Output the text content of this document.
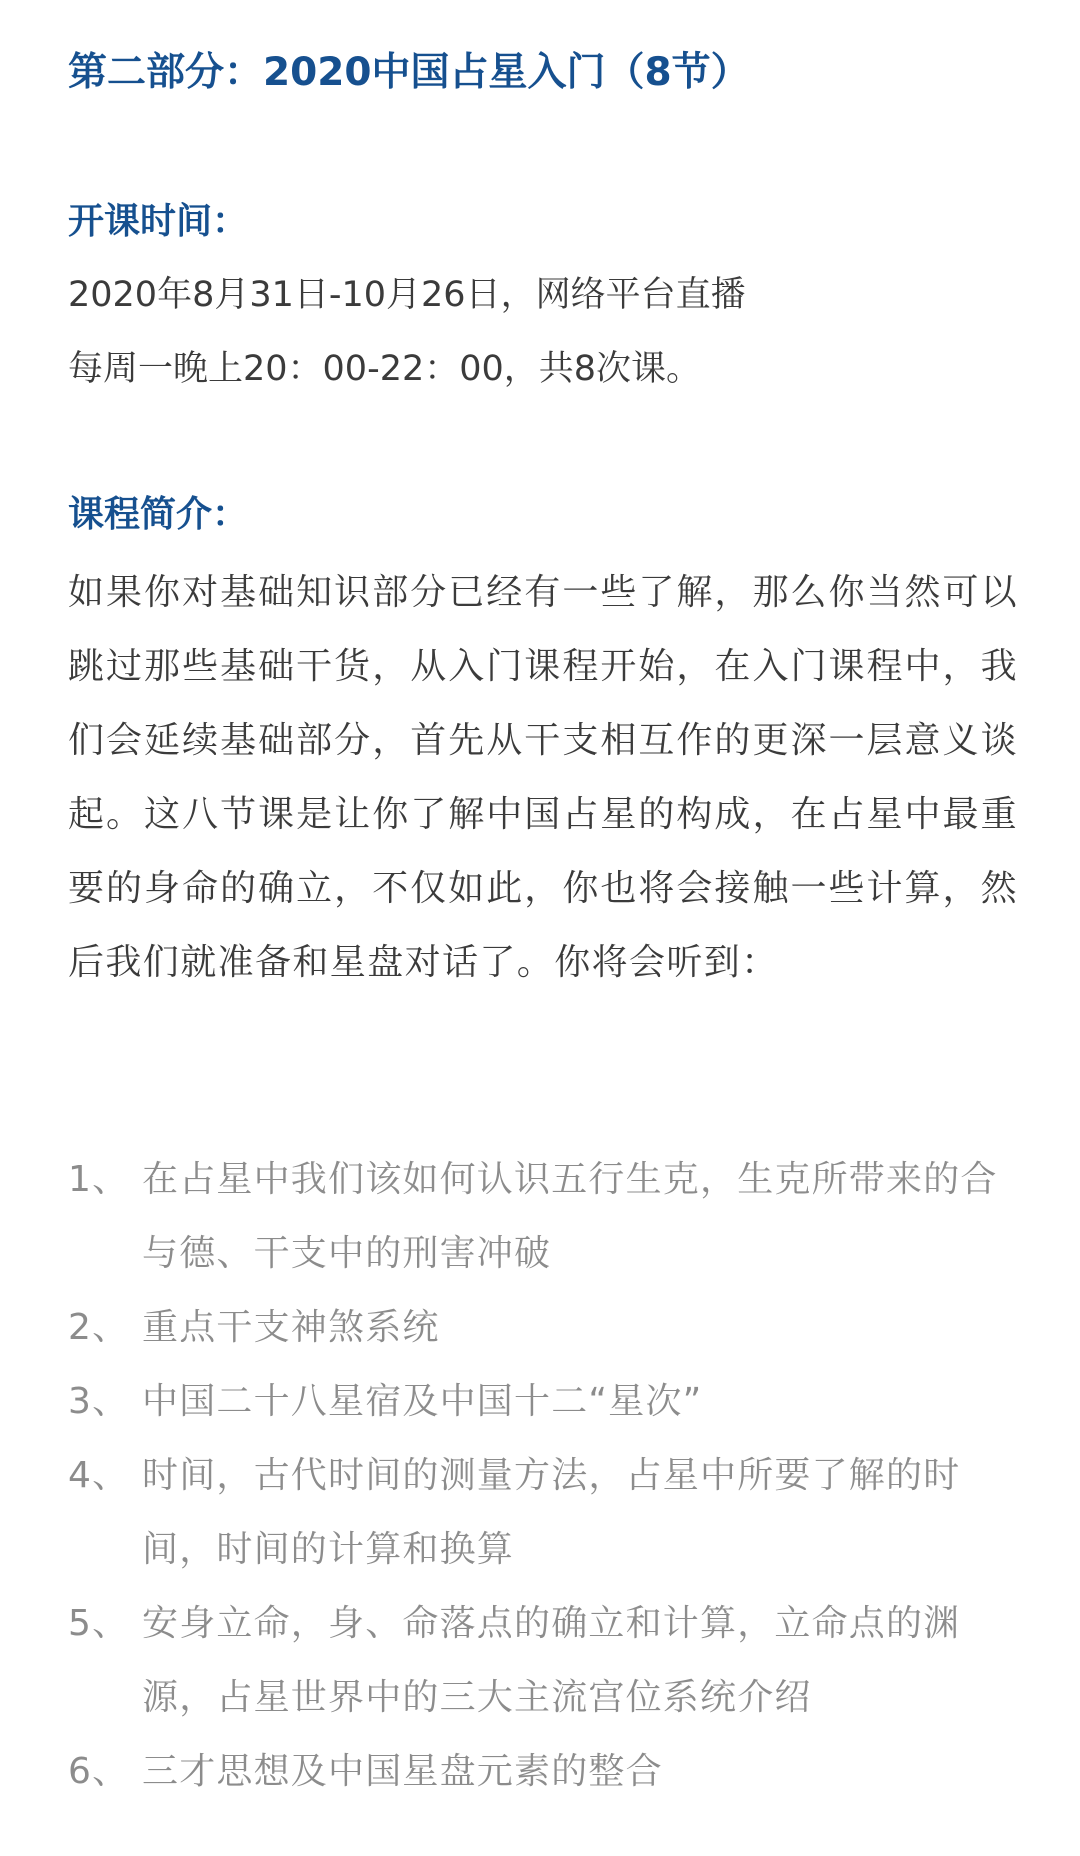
第二部分：2020中国占星入门（8节）
开课时间：
2020年8月31日-10月26日，网络平台直播
每周一晚上20：00-22：00，共8次课。
课程简介：
如果你对基础知识部分已经有一些了解，那么你当然可以跳过那些基础干货，从入门课程开始，在入门课程中，我们会延续基础部分，首先从干支相互作的更深一层意义谈起。这八节课是让你了解中国占星的构成，在占星中最重要的身命的确立，不仅如此，你也将会接触一些计算，然后我们就准备和星盘对话了。你将会听到：
1、 在占星中我们该如何认识五行生克，生克所带来的合与德、干支中的刑害冲破
2、 重点干支神煞系统
3、 中国二十八星宿及中国十二“星次”
4、 时间，古代时间的测量方法，占星中所要了解的时间，时间的计算和换算
5、 安身立命，身、命落点的确立和计算，立命点的渊源，占星世界中的三大主流宫位系统介绍
6、 三才思想及中国星盘元素的整合
